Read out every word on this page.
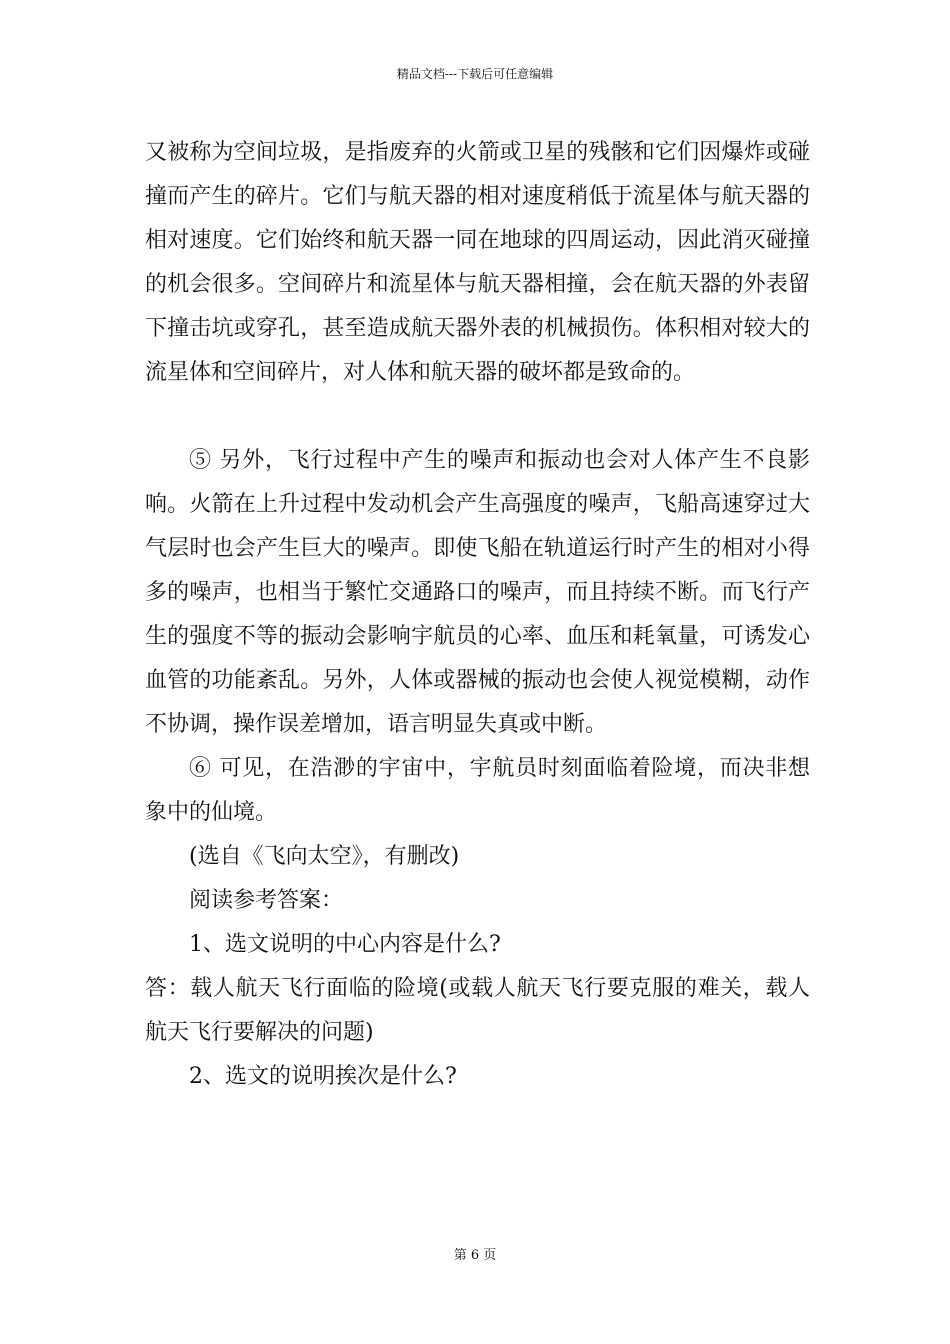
精品文档---下载后可任意编辑

又被称为空间垃圾，是指废弃的火箭或卫星的残骸和它们因爆炸或碰撞而产生的碎片。它们与航天器的相对速度稍低于流星体与航天器的相对速度。它们始终和航天器一同在地球的四周运动，因此消灭碰撞的机会很多。空间碎片和流星体与航天器相撞，会在航天器的外表留下撞击坑或穿孔，甚至造成航天器外表的机械损伤。体积相对较大的流星体和空间碎片，对人体和航天器的破坏都是致命的。

⑤ 另外，飞行过程中产生的噪声和振动也会对人体产生不良影响。火箭在上升过程中发动机会产生高强度的噪声，飞船高速穿过大气层时也会产生巨大的噪声。即使飞船在轨道运行时产生的相对小得多的噪声，也相当于繁忙交通路口的噪声，而且持续不断。而飞行产生的强度不等的振动会影响宇航员的心率、血压和耗氧量，可诱发心血管的功能紊乱。另外，人体或器械的振动也会使人视觉模糊，动作不协调，操作误差增加，语言明显失真或中断。

⑥ 可见，在浩渺的宇宙中，宇航员时刻面临着险境，而决非想象中的仙境。

(选自《飞向太空》，有删改)

阅读参考答案：

1、选文说明的中心内容是什么?

答：载人航天飞行面临的险境(或载人航天飞行要克服的难关，载人航天飞行要解决的问题)

2、选文的说明挨次是什么?

第 6 页
